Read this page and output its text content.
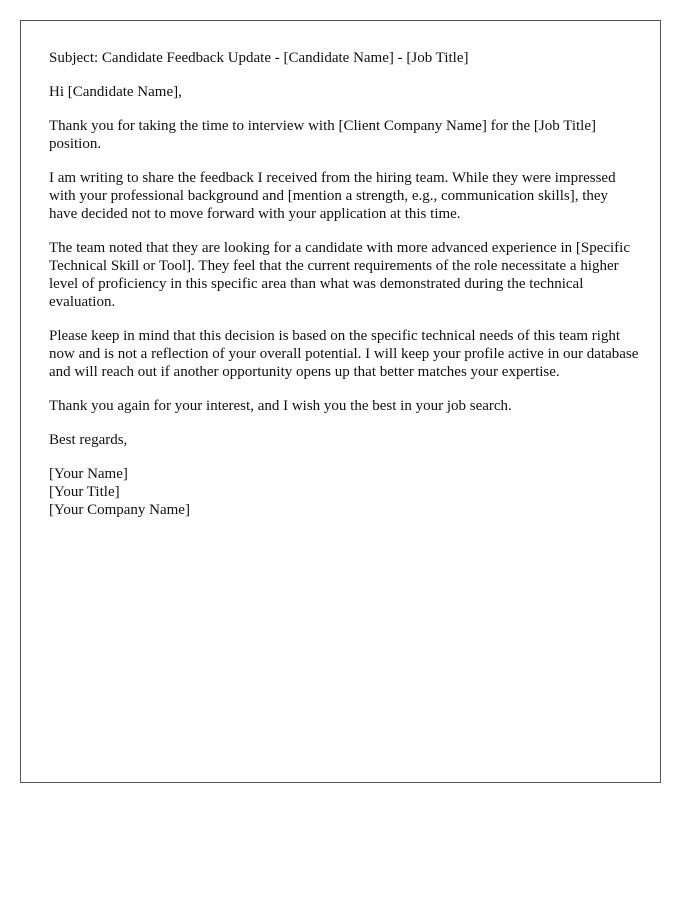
Subject: Candidate Feedback Update - [Candidate Name] - [Job Title]

Hi [Candidate Name],

Thank you for taking the time to interview with [Client Company Name] for the [Job Title] position.

I am writing to share the feedback I received from the hiring team. While they were impressed with your professional background and [mention a strength, e.g., communication skills], they have decided not to move forward with your application at this time.

The team noted that they are looking for a candidate with more advanced experience in [Specific Technical Skill or Tool]. They feel that the current requirements of the role necessitate a higher level of proficiency in this specific area than what was demonstrated during the technical evaluation.

Please keep in mind that this decision is based on the specific technical needs of this team right now and is not a reflection of your overall potential. I will keep your profile active in our database and will reach out if another opportunity opens up that better matches your expertise.

Thank you again for your interest, and I wish you the best in your job search.

Best regards,

[Your Name]
[Your Title]
[Your Company Name]
